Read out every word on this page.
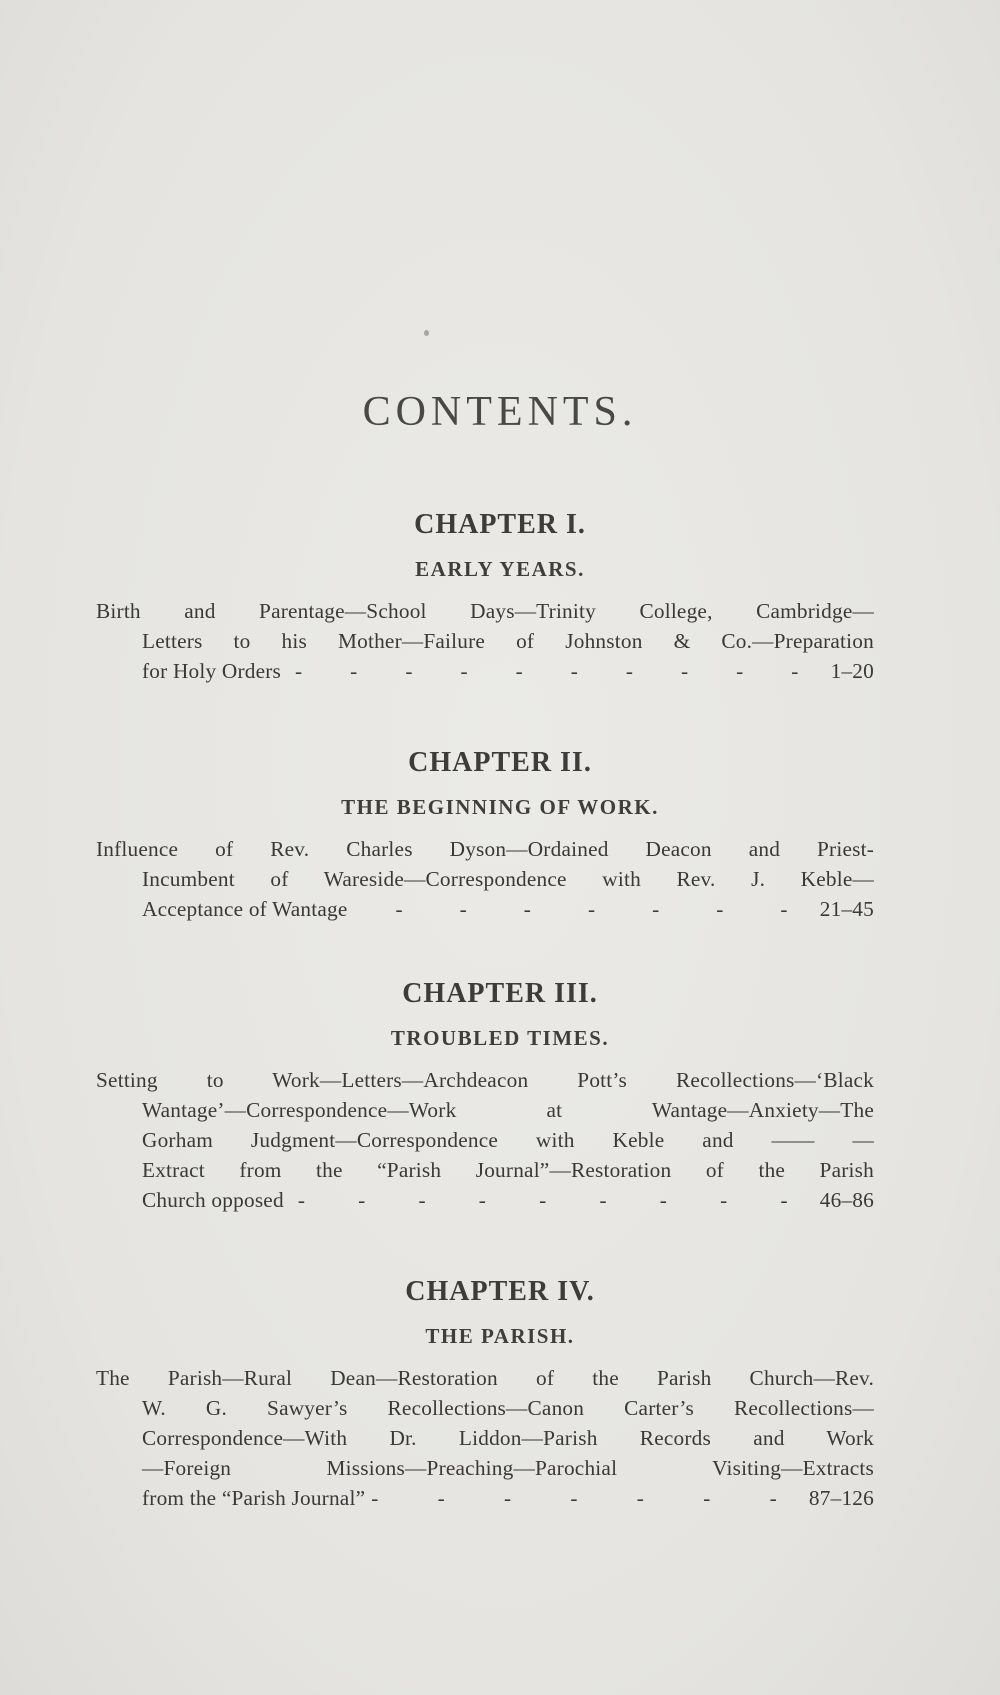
CONTENTS.
CHAPTER I.
EARLY YEARS.
Birth and Parentage—School Days—Trinity College, Cambridge—
Letters to his Mother—Failure of Johnston & Co.—Preparation
for Holy Orders - - - - - - - - - - 1–20
CHAPTER II.
THE BEGINNING OF WORK.
Influence of Rev. Charles Dyson—Ordained Deacon and Priest-
Incumbent of Wareside—Correspondence with Rev. J. Keble—
Acceptance of Wantage -	-	-	-	-	-	- 21–45
CHAPTER III.
TROUBLED TIMES.
Setting to Work—Letters—Archdeacon Pott’s Recollections—‘Black
Wantage’—Correspondence—Work at Wantage—Anxiety—The
Gorham Judgment—Correspondence with Keble and —— —
Extract from the “Parish Journal”—Restoration of the Parish
Church opposed - - - - - - - - - 46–86
CHAPTER IV.
THE PARISH.
The Parish—Rural Dean—Restoration of the Parish Church—Rev.
W. G. Sawyer’s Recollections—Canon Carter’s Recollections—
Correspondence—With Dr. Liddon—Parish Records and Work
—Foreign Missions—Preaching—Parochial Visiting—Extracts
from the “Parish Journal” -	-	-	-	-	-	- 87–126
